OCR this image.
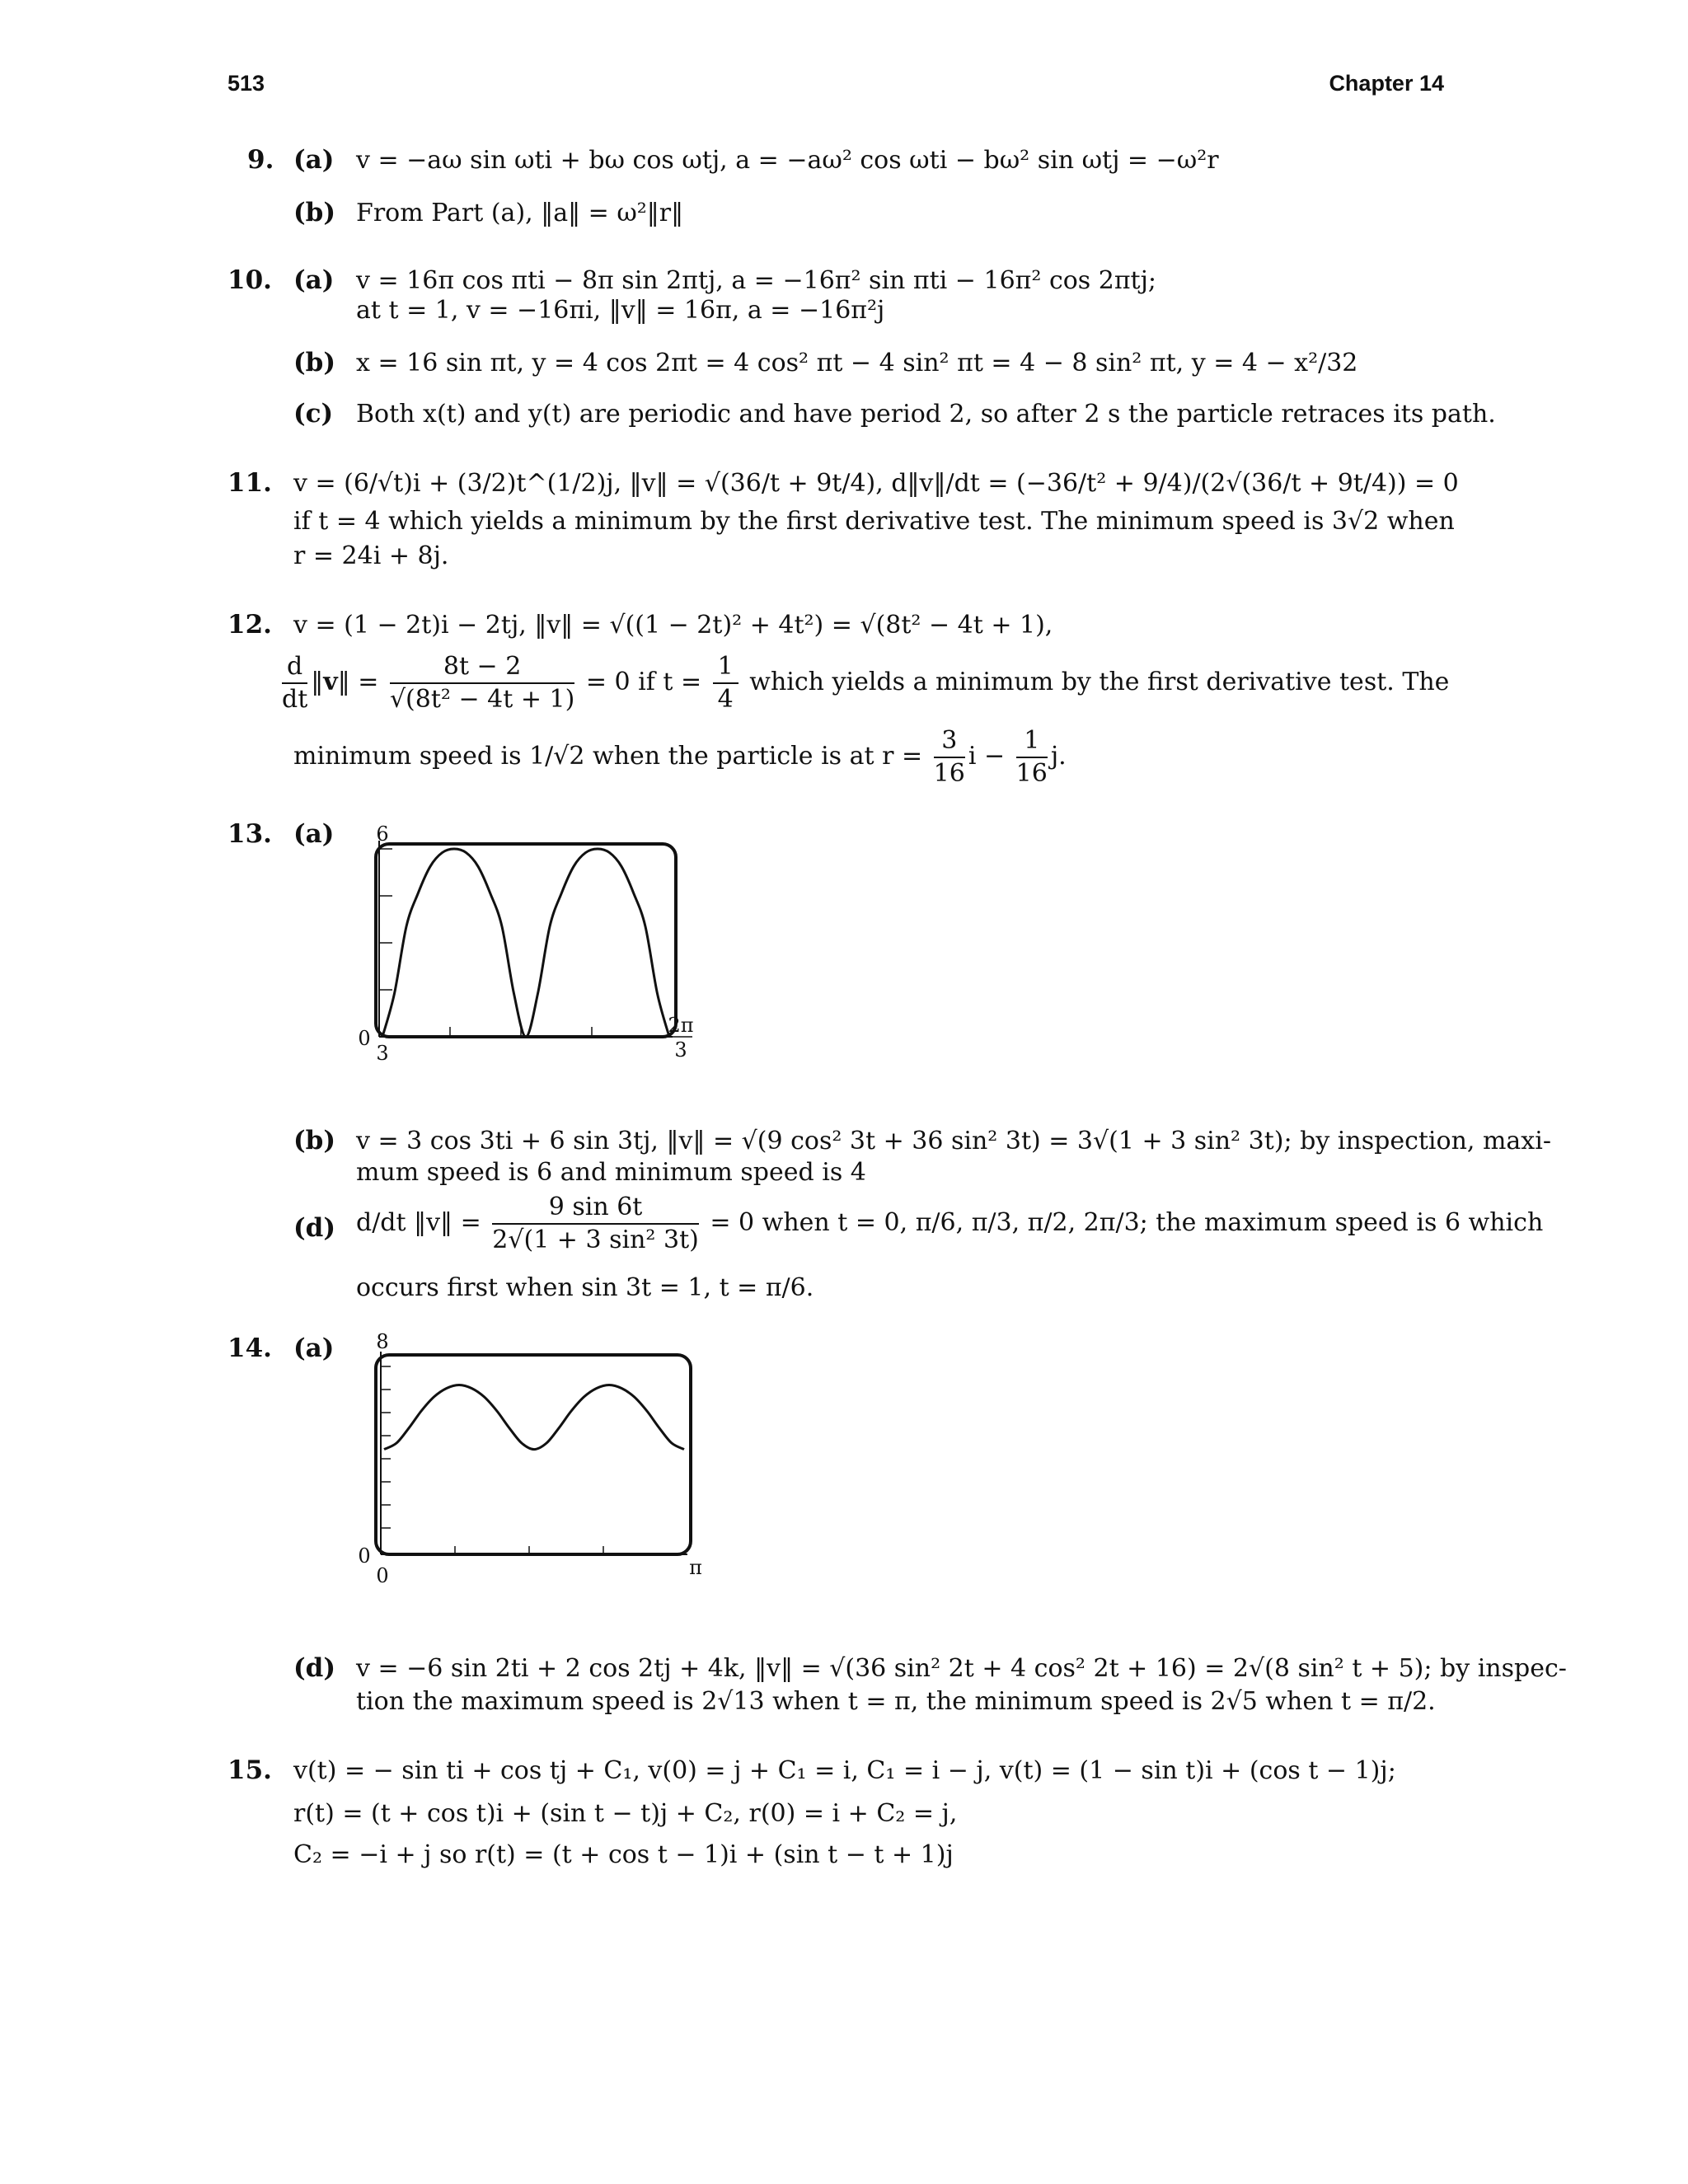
513	Chapter 14
9. (a) v = −aω sin ωti + bω cos ωtj, a = −aω² cos ωti − bω² sin ωtj = −ω²r
(b) From Part (a), ‖a‖ = ω²‖r‖
10. (a) v = 16π cos πti − 8π sin 2πtj, a = −16π² sin πti − 16π² cos 2πtj;
at t = 1, v = −16πi, ‖v‖ = 16π, a = −16π²j
(b) x = 16 sin πt, y = 4 cos 2πt = 4 cos² πt − 4 sin² πt = 4 − 8 sin² πt, y = 4 − x²/32
(c) Both x(t) and y(t) are periodic and have period 2, so after 2 s the particle retraces its path.
11. v = (6/√t)i + (3/2)t^(1/2)j, ‖v‖ = √(36/t + 9t/4), d‖v‖/dt = (−36/t² + 9/4)/(2√(36/t + 9t/4)) = 0
if t = 4 which yields a minimum by the first derivative test. The minimum speed is 3√2 when
r = 24i + 8j.
12. v = (1 − 2t)i − 2tj, ‖v‖ = √((1 − 2t)² + 4t²) = √(8t² − 4t + 1),
$\frac{d}{dt}$ ‖v‖ = $\frac{8t - 2}{\text{√(8t² − 4t + 1)}} = 0$ if $t = \frac{1}{4}$ which yields a minimum by the first derivative test. The
minimum speed is 1/√2 when the particle is at $r = \frac{3}{16}$ $i - \frac{1}{16} j$.
13. (a) 6
0
3
2π
3
(b) v = 3 cos 3ti + 6 sin 3tj, ‖v‖ = √(9 cos² 3t + 36 sin² 3t) = 3√(1 + 3 sin² 3t); by inspection, maxi-
mum speed is 6 and minimum speed is 4
(d) d/dt ‖v‖ = $\frac{9 \sin 6t}{\text{2√(1 + 3 sin² 3t)}} = 0$ when t = 0, π/6, π/3, π/2, 2π/3; the maximum speed is 6 which
occurs first when sin 3t = 1, t = π/6.
14. (a) 8
0
0	π
(d) v = −6 sin 2ti + 2 cos 2tj + 4k, ‖v‖ = √(36 sin² 2t + 4 cos² 2t + 16) = 2√(8 sin² t + 5); by inspec-
tion the maximum speed is 2√13 when t = π, the minimum speed is 2√5 when t = π/2.
15. v(t) = − sin ti + cos tj + C₁, v(0) = j + C₁ = i, C₁ = i − j, v(t) = (1 − sin t)i + (cos t − 1)j;
r(t) = (t + cos t)i + (sin t − t)j + C₂, r(0) = i + C₂ = j,
C₂ = −i + j so r(t) = (t + cos t − 1)i + (sin t − t + 1)j
